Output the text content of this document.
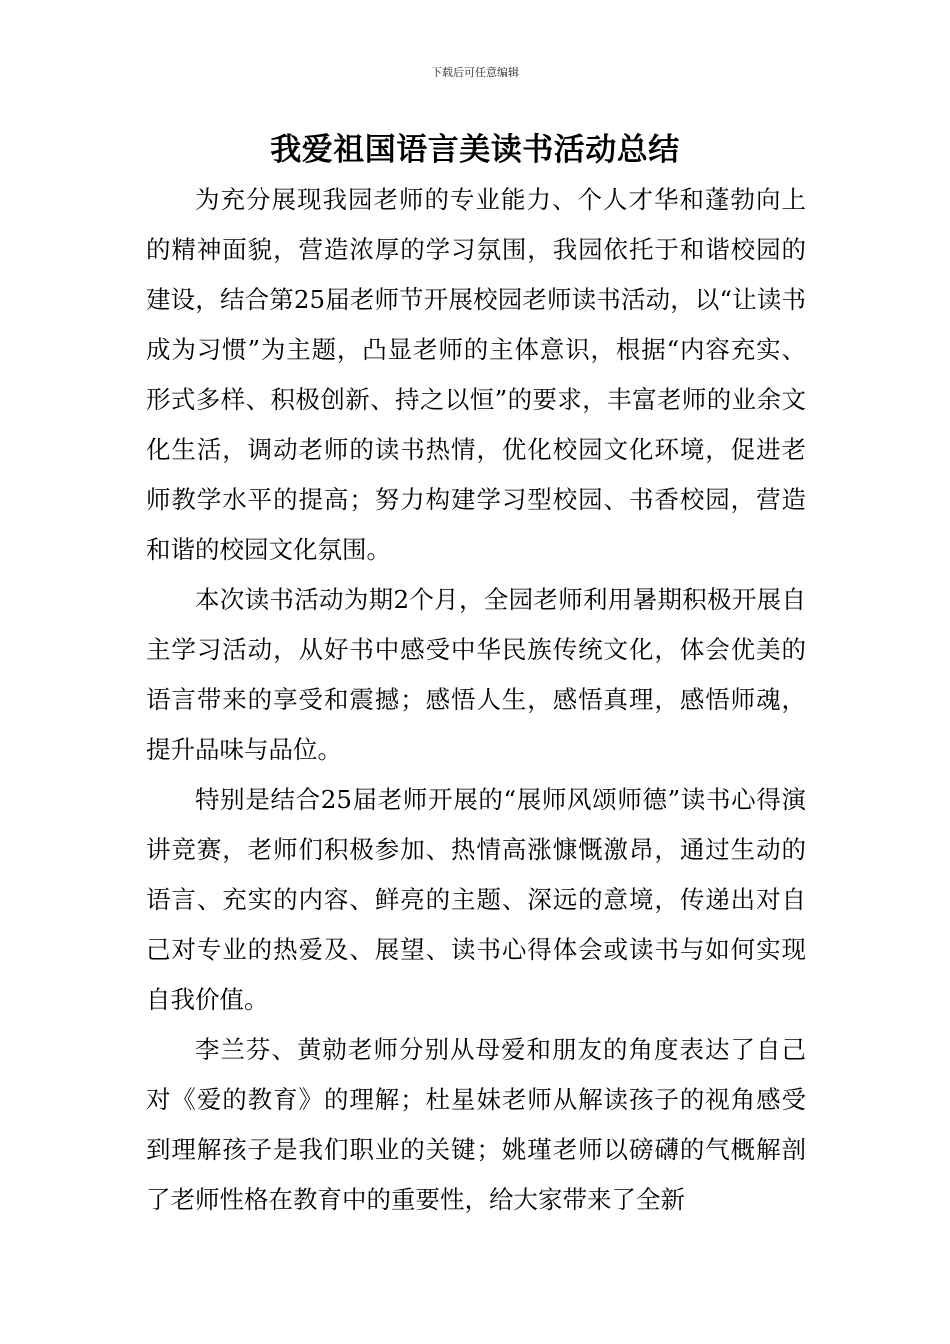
下载后可任意编辑
我爱祖国语言美读书活动总结

为充分展现我园老师的专业能力、个人才华和蓬勃向上的精神面貌，营造浓厚的学习氛围，我园依托于和谐校园的建设，结合第25届老师节开展校园老师读书活动，以“让读书成为习惯”为主题，凸显老师的主体意识，根据“内容充实、形式多样、积极创新、持之以恒”的要求，丰富老师的业余文化生活，调动老师的读书热情，优化校园文化环境，促进老师教学水平的提高；努力构建学习型校园、书香校园，营造和谐的校园文化氛围。

本次读书活动为期2个月，全园老师利用暑期积极开展自主学习活动，从好书中感受中华民族传统文化，体会优美的语言带来的享受和震撼；感悟人生，感悟真理，感悟师魂，提升品味与品位。

特别是结合25届老师开展的“展师风颂师德”读书心得演讲竞赛，老师们积极参加、热情高涨慷慨激昂，通过生动的语言、充实的内容、鲜亮的主题、深远的意境，传递出对自己对专业的热爱及、展望、读书心得体会或读书与如何实现自我价值。

李兰芬、黄勍老师分别从母爱和朋友的角度表达了自己对《爱的教育》的理解；杜星妹老师从解读孩子的视角感受到理解孩子是我们职业的关键；姚瑾老师以磅礴的气概解剖了老师性格在教育中的重要性，给大家带来了全新
